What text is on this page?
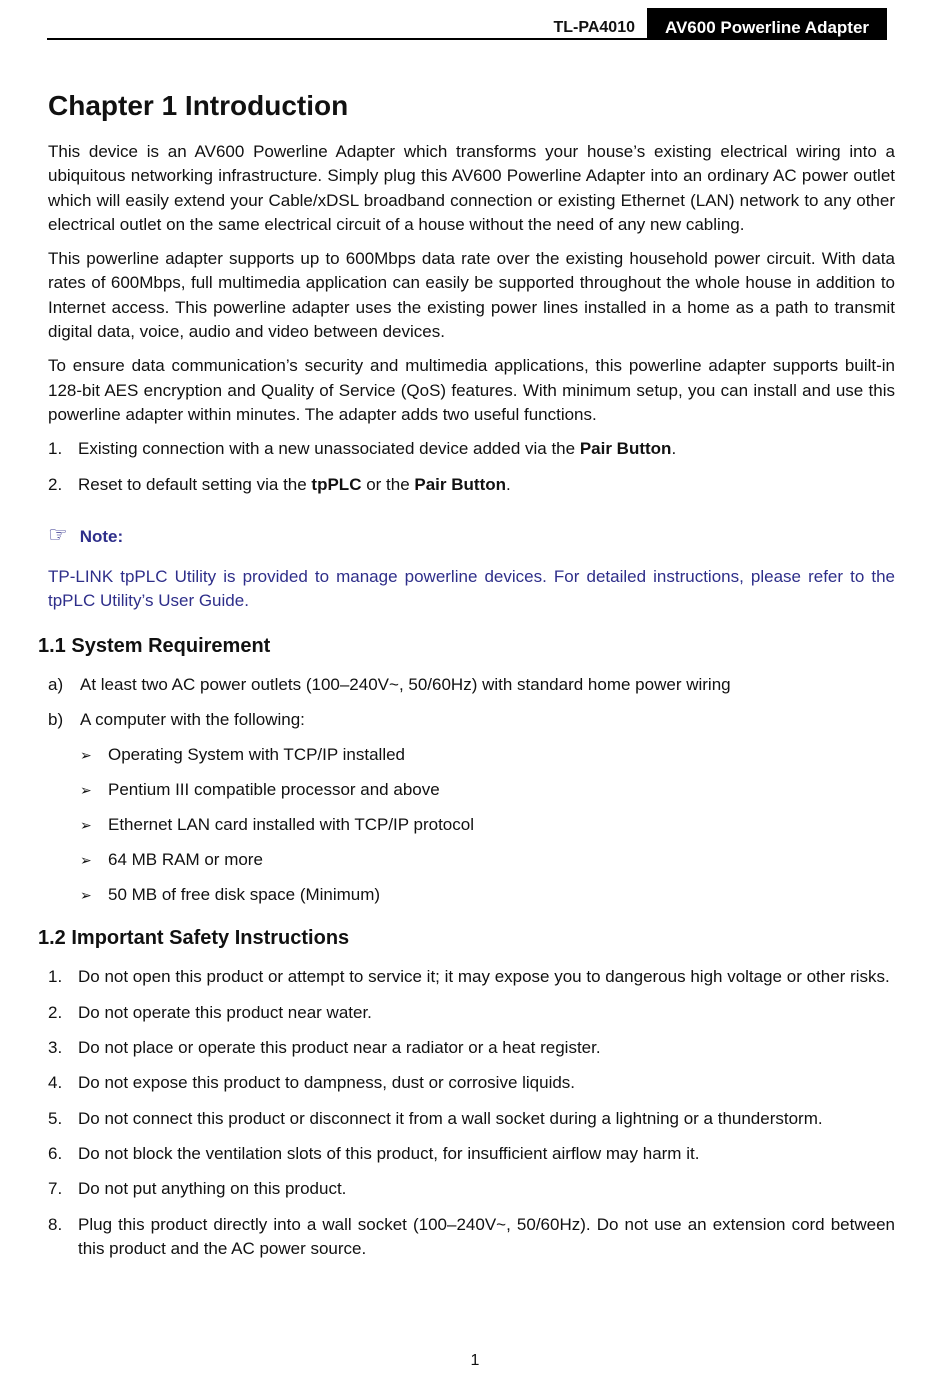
TL-PA4010	AV600 Powerline Adapter
Chapter 1 Introduction

This device is an AV600 Powerline Adapter which transforms your house’s existing electrical wiring into a ubiquitous networking infrastructure. Simply plug this AV600 Powerline Adapter into an ordinary AC power outlet which will easily extend your Cable/xDSL broadband connection or existing Ethernet (LAN) network to any other electrical outlet on the same electrical circuit of a house without the need of any new cabling.

This powerline adapter supports up to 600Mbps data rate over the existing household power circuit. With data rates of 600Mbps, full multimedia application can easily be supported throughout the whole house in addition to Internet access. This powerline adapter uses the existing power lines installed in a home as a path to transmit digital data, voice, audio and video between devices.

To ensure data communication’s security and multimedia applications, this powerline adapter supports built-in 128-bit AES encryption and Quality of Service (QoS) features. With minimum setup, you can install and use this powerline adapter within minutes. The adapter adds two useful functions.

1. Existing connection with a new unassociated device added via the Pair Button.
2. Reset to default setting via the tpPLC or the Pair Button.
☞ Note:

TP-LINK tpPLC Utility is provided to manage powerline devices. For detailed instructions, please refer to the tpPLC Utility’s User Guide.

1.1 System Requirement
a) At least two AC power outlets (100–240V~, 50/60Hz) with standard home power wiring
b) A computer with the following:
➢ Operating System with TCP/IP installed
➢ Pentium III compatible processor and above
➢ Ethernet LAN card installed with TCP/IP protocol
➢ 64 MB RAM or more
➢ 50 MB of free disk space (Minimum)
1.2 Important Safety Instructions
1. Do not open this product or attempt to service it; it may expose you to dangerous high voltage or other risks.
2. Do not operate this product near water.
3. Do not place or operate this product near a radiator or a heat register.
4. Do not expose this product to dampness, dust or corrosive liquids.
5. Do not connect this product or disconnect it from a wall socket during a lightning or a thunderstorm.
6. Do not block the ventilation slots of this product, for insufficient airflow may harm it.
7. Do not put anything on this product.
8. Plug this product directly into a wall socket (100–240V~, 50/60Hz). Do not use an extension cord between this product and the AC power source.
1
